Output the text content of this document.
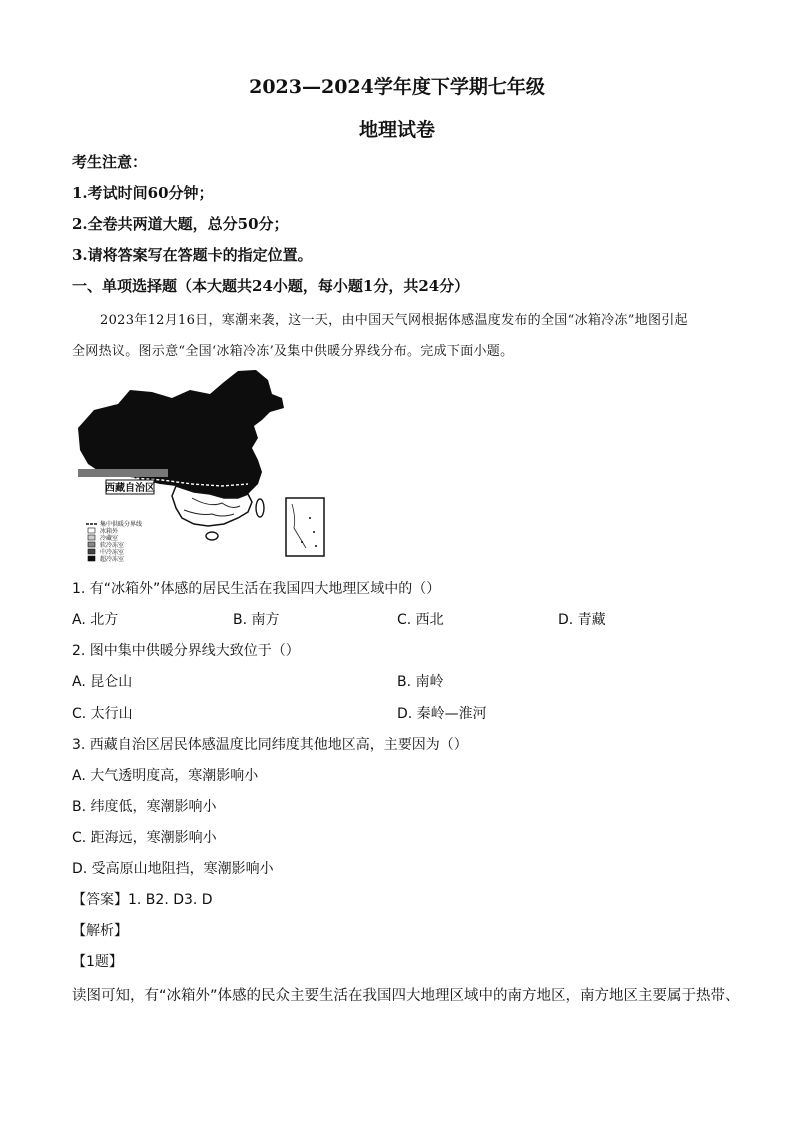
2023—2024学年度下学期七年级
地理试卷
考生注意：
1.考试时间60分钟；
2.全卷共两道大题，总分50分；
3.请将答案写在答题卡的指定位置。
一、单项选择题（本大题共24小题，每小题1分，共24分）
2023年12月16日，寒潮来袭，这一天，由中国天气网根据体感温度发布的全国“冰箱冷冻”地图引起
全网热议。图示意“全国‘冰箱冷冻’及集中供暖分界线分布。完成下面小题。
西藏自治区
集中供暖分界线
冰箱外
冷藏室
软冷冻室
中冷冻室
超冷冻室
1. 有“冰箱外”体感的居民生活在我国四大地理区域中的（）
A. 北方	B. 南方	C. 西北	D. 青藏
2. 图中集中供暖分界线大致位于（）
A. 昆仑山	B. 南岭
C. 太行山	D. 秦岭—淮河
3. 西藏自治区居民体感温度比同纬度其他地区高，主要因为（）
A. 大气透明度高，寒潮影响小
B. 纬度低，寒潮影响小
C. 距海远，寒潮影响小
D. 受高原山地阻挡，寒潮影响小
【答案】1. B2. D3. D
【解析】
【1题】
读图可知，有“冰箱外”体感的民众主要生活在我国四大地理区域中的南方地区，南方地区主要属于热带、
